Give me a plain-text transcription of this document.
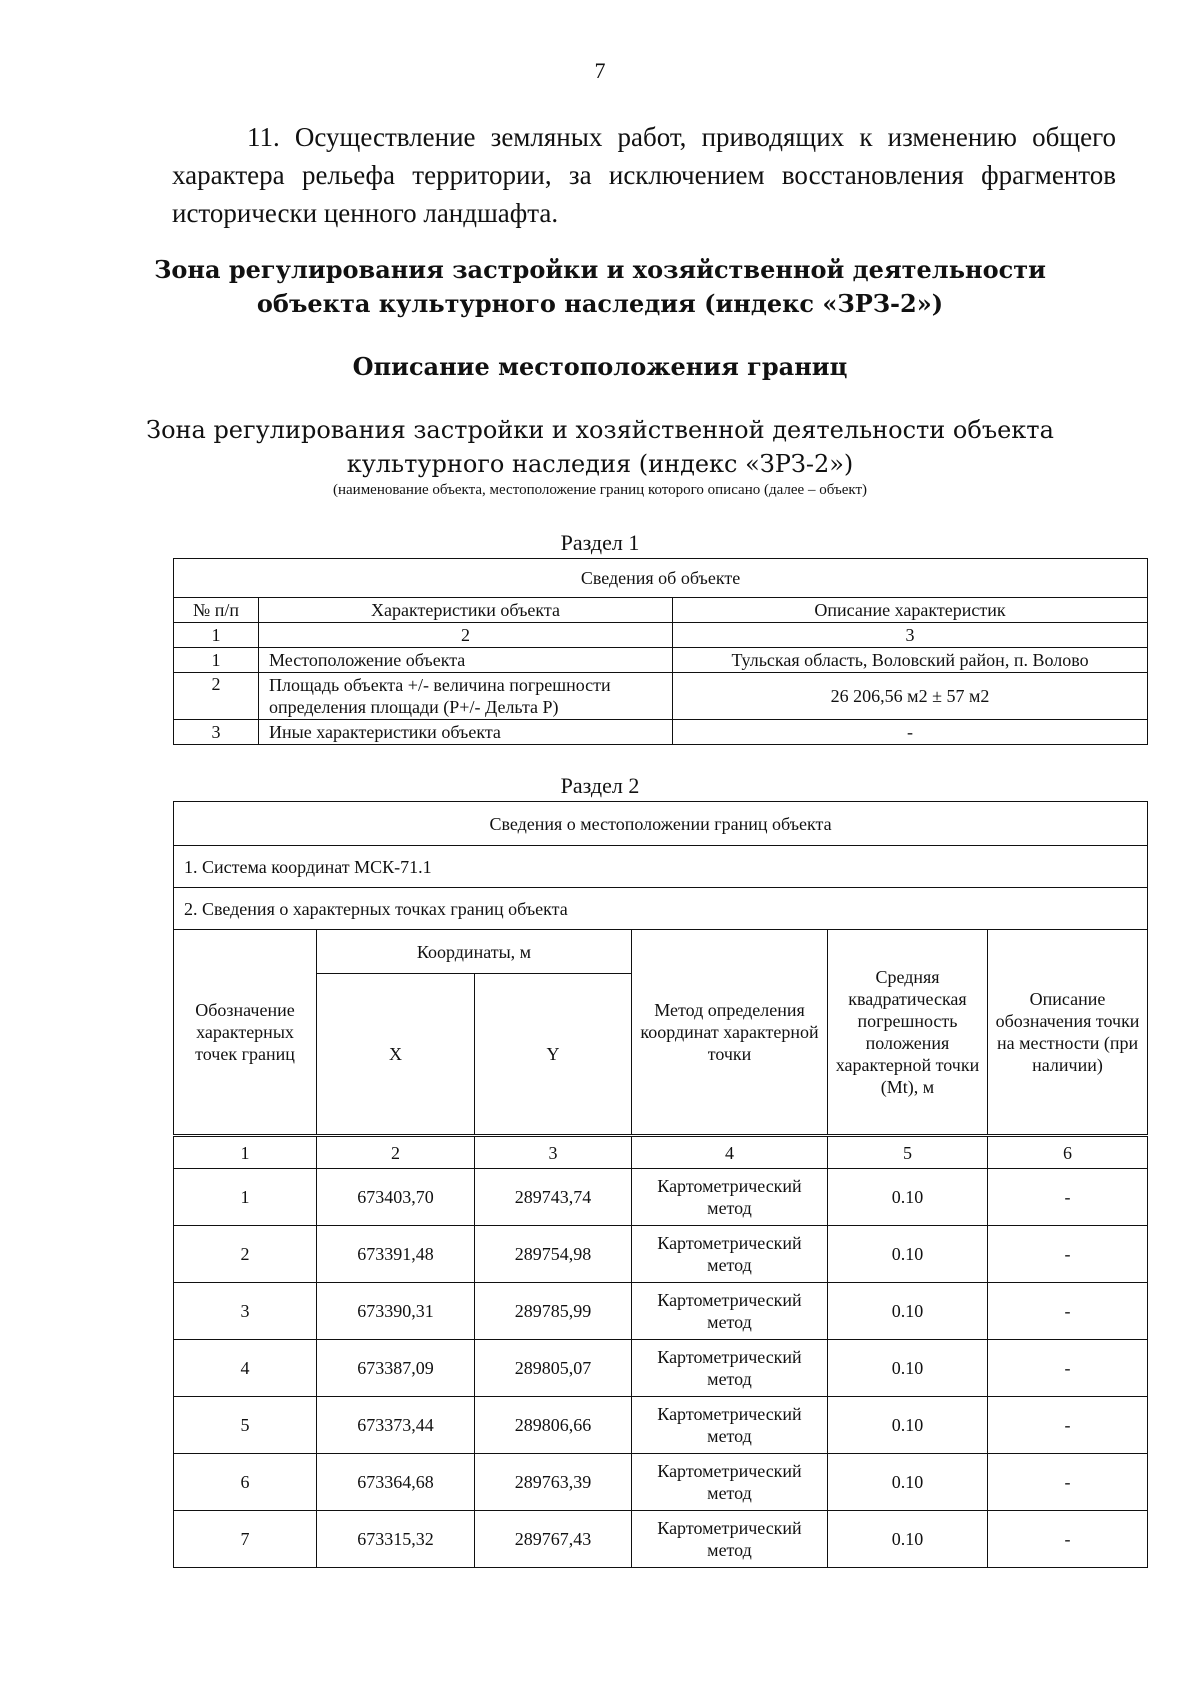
7

11. Осуществление земляных работ, приводящих к изменению общего характера рельефа территории, за исключением восстановления фрагментов исторически ценного ландшафта.

Зона регулирования застройки и хозяйственной деятельности
объекта культурного наследия (индекс «ЗРЗ-2»)
Описание местоположения границ
Зона регулирования застройки и хозяйственной деятельности объекта
культурного наследия (индекс «ЗРЗ-2»)
(наименование объекта, местоположение границ которого описано (далее – объект)
Раздел 1
Сведения об объекте		
№ п/п	Характеристики объекта	Описание характеристик
1	2	3
1	Местоположение объекта	Тульская область, Воловский район, п. Волово
2	Площадь объекта +/- величина погрешности определения площади (P+/- Дельта P)	26 206,56 м2 ± 57 м2
3	Иные характеристики объекта	-
Раздел 2
Сведения о местоположении границ объекта					
1. Система координат МСК-71.1					
2. Сведения о характерных точках границ объекта					
Обозначение характерных точек границ	Координаты, м		Метод определения координат характерной точки	Средняя квадратическая погрешность положения характерной точки (Mt), м	Описание обозначения точки на местности (при наличии)
	X	Y			
1	2	3	4	5	6
1	673403,70	289743,74	Картометрический метод	0.10	-
2	673391,48	289754,98	Картометрический метод	0.10	-
3	673390,31	289785,99	Картометрический метод	0.10	-
4	673387,09	289805,07	Картометрический метод	0.10	-
5	673373,44	289806,66	Картометрический метод	0.10	-
6	673364,68	289763,39	Картометрический метод	0.10	-
7	673315,32	289767,43	Картометрический метод	0.10	-
